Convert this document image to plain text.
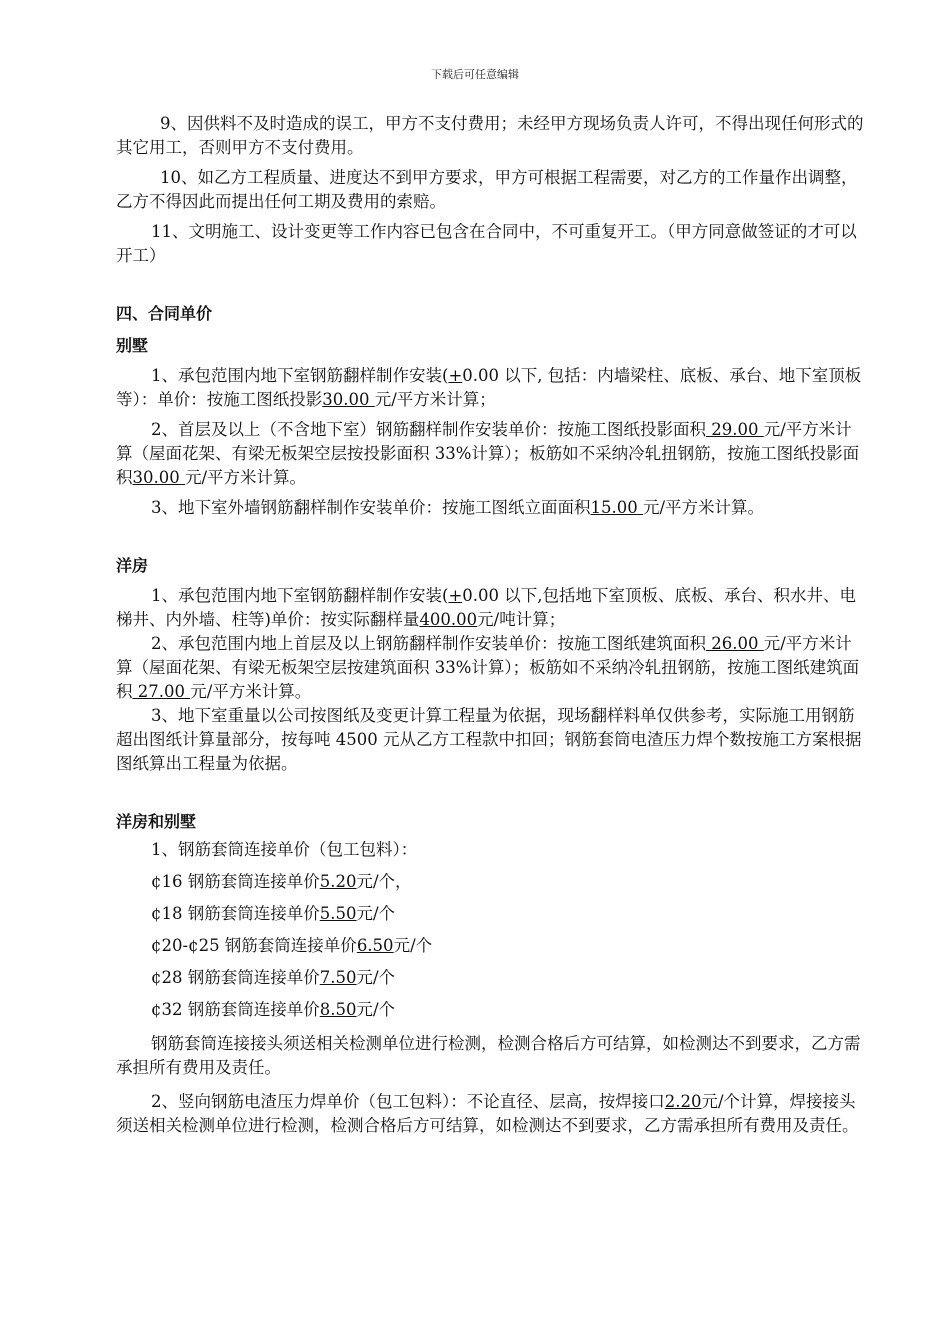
下载后可任意编辑

9、因供料不及时造成的误工，甲方不支付费用；未经甲方现场负责人许可，不得出现任何形式的其它用工，否则甲方不支付费用。

10、如乙方工程质量、进度达不到甲方要求，甲方可根据工程需要，对乙方的工作量作出调整，乙方不得因此而提出任何工期及费用的索赔。

11、文明施工、设计变更等工作内容已包含在合同中，不可重复开工。（甲方同意做签证的才可以开工）

四、合同单价

别墅

1、承包范围内地下室钢筋翻样制作安装(+0.00 以下, 包括：内墙梁柱、底板、承台、地下室顶板等）：单价：按施工图纸投影30.00 元/平方米计算；

2、首层及以上（不含地下室）钢筋翻样制作安装单价：按施工图纸投影面积 29.00 元/平方米计算（屋面花架、有梁无板架空层按投影面积 33%计算）；板筋如不采纳冷轧扭钢筋，按施工图纸投影面积30.00 元/平方米计算。

3、地下室外墙钢筋翻样制作安装单价：按施工图纸立面面积15.00 元/平方米计算。

洋房

1、承包范围内地下室钢筋翻样制作安装(+0.00 以下,包括地下室顶板、底板、承台、积水井、电梯井、内外墙、柱等)单价：按实际翻样量400.00元/吨计算；

2、承包范围内地上首层及以上钢筋翻样制作安装单价：按施工图纸建筑面积 26.00 元/平方米计算（屋面花架、有梁无板架空层按建筑面积 33%计算）；板筋如不采纳冷轧扭钢筋，按施工图纸建筑面积 27.00 元/平方米计算。

3、地下室重量以公司按图纸及变更计算工程量为依据，现场翻样料单仅供参考，实际施工用钢筋超出图纸计算量部分，按每吨 4500 元从乙方工程款中扣回；钢筋套筒电渣压力焊个数按施工方案根据图纸算出工程量为依据。

洋房和别墅

1、钢筋套筒连接单价（包工包料）：

¢16 钢筋套筒连接单价5.20元/个，

¢18 钢筋套筒连接单价5.50元/个

¢20-¢25 钢筋套筒连接单价6.50元/个

¢28 钢筋套筒连接单价7.50元/个

¢32 钢筋套筒连接单价8.50元/个

钢筋套筒连接接头须送相关检测单位进行检测，检测合格后方可结算，如检测达不到要求，乙方需承担所有费用及责任。

2、竖向钢筋电渣压力焊单价（包工包料）：不论直径、层高，按焊接口2.20元/个计算，焊接接头须送相关检测单位进行检测，检测合格后方可结算，如检测达不到要求，乙方需承担所有费用及责任。
